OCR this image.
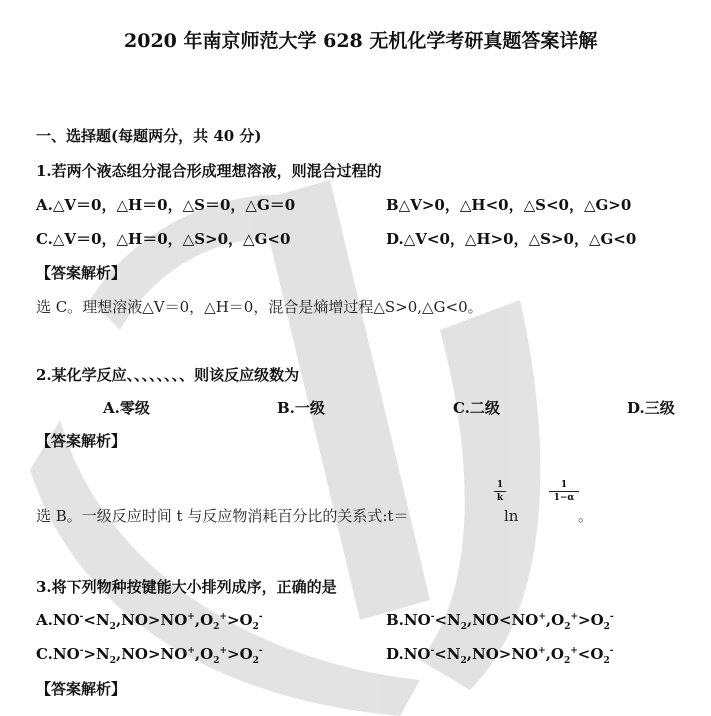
2020 年南京师范大学 628 无机化学考研真题答案详解
一、选择题(每题两分，共 40 分)
1.若两个液态组分混合形成理想溶液，则混合过程的
A.△V＝0，△H＝0，△S＝0，△G＝0	B△V>0，△H<0，△S<0，△G>0
C.△V＝0，△H＝0，△S>0，△G<0	D.△V<0，△H>0，△S>0，△G<0
【答案解析】
选 C。理想溶液△V＝0，△H＝0，混合是熵增过程△S>0,△G<0。
2.某化学反应、、、、、、、、则该反应级数为
A.零级	B.一级	C.二级	D.三级
【答案解析】
选 B。一级反应时间 t 与反应物消耗百分比的关系式:t＝
1
k
ln
1
1−α
。
3.将下列物种按键能大小排列成序，正确的是
$A.NO^-<N_2,NO>NO^+,O_2^+>O_2^-$	$B.NO^-<N_2,NO<NO^+,O_2^+>O_2^-$
$C.NO^->N_2,NO>NO^+,O_2^+>O_2^-$	$D.NO^-<N_2,NO>NO^+,O_2^+<O_2^-$
【答案解析】
